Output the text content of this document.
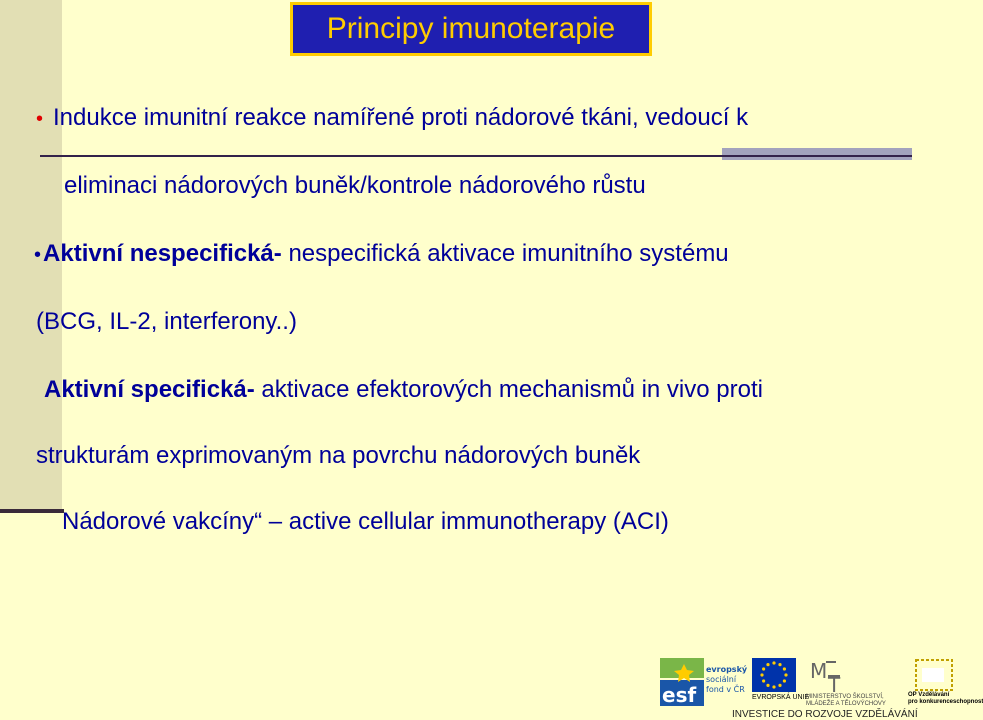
Principy imunoterapie
• Indukce imunitní reakce namířené proti nádorové tkáni, vedoucí k
eliminaci nádorových buněk/kontrole nádorového růstu
•Aktivní nespecifická- nespecifická aktivace imunitního systému
(BCG, IL-2, interferony..)
Aktivní specifická- aktivace efektorových mechanismů in vivo proti
strukturám exprimovaným na povrchu nádorových buněk
Nádorové vakcíny“ – active cellular immunotherapy (ACI)
esf
evropský
sociální
fond v ČR
EVROPSKÁ UNIE
M
T
MINISTERSTVO ŠKOLSTVÍ,
MLÁDEŽE A TĚLOVÝCHOVY
OP Vzdělávání
pro konkurenceschopnost
INVESTICE DO ROZVOJE VZDĚLÁVÁNÍ
